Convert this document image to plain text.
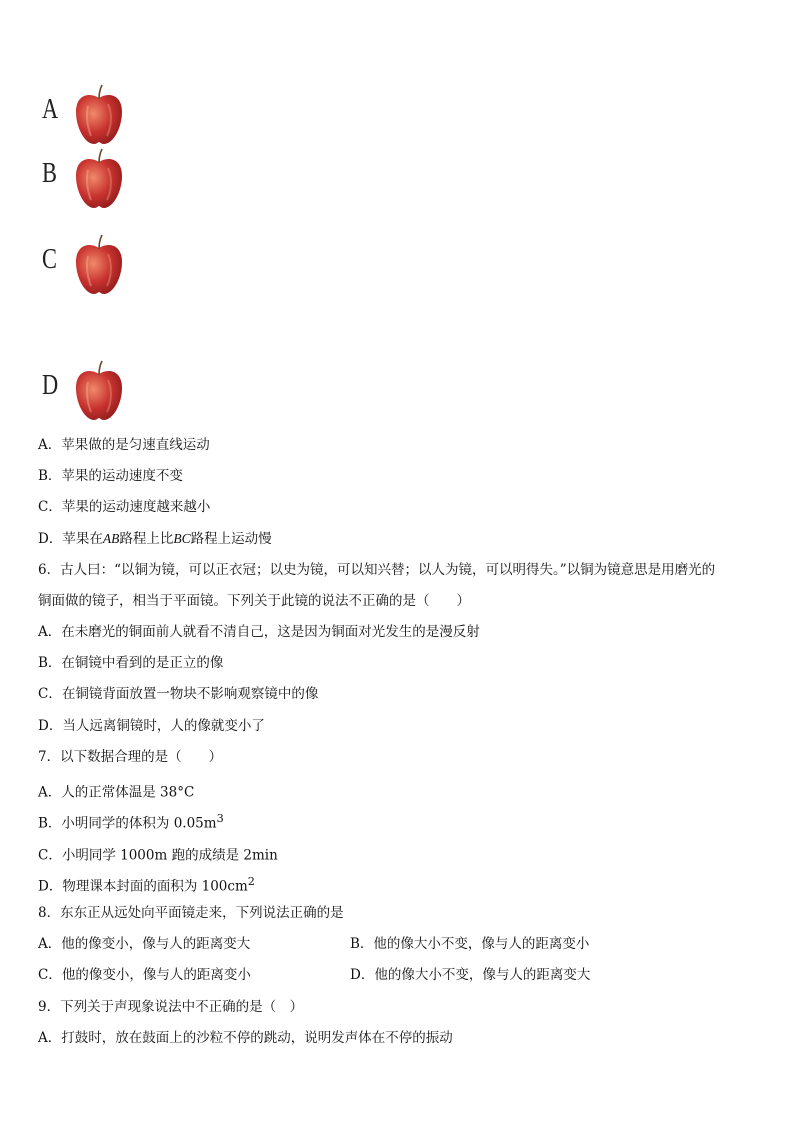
A
B
C
D
A．苹果做的是匀速直线运动
B．苹果的运动速度不变
C．苹果的运动速度越来越小
D．苹果在AB路程上比BC路程上运动慢
6．古人曰：“以铜为镜，可以正衣冠；以史为镜，可以知兴替；以人为镜，可以明得失。”以铜为镜意思是用磨光的
铜面做的镜子，相当于平面镜。下列关于此镜的说法不正确的是（　　）
A．在未磨光的铜面前人就看不清自己，这是因为铜面对光发生的是漫反射
B．在铜镜中看到的是正立的像
C．在铜镜背面放置一物块不影响观察镜中的像
D．当人远离铜镜时，人的像就变小了
7．以下数据合理的是（　　）
A．人的正常体温是 38°C
B．小明同学的体积为 $0.05m^3$
C．小明同学 1000m 跑的成绩是 2min
D．物理课本封面的面积为 $100cm^2$
8．东东正从远处向平面镜走来，下列说法正确的是
A．他的像变小，像与人的距离变大	B．他的像大小不变，像与人的距离变小
C．他的像变小，像与人的距离变小	D．他的像大小不变，像与人的距离变大
9．下列关于声现象说法中不正确的是（　）
A．打鼓时，放在鼓面上的沙粒不停的跳动，说明发声体在不停的振动
